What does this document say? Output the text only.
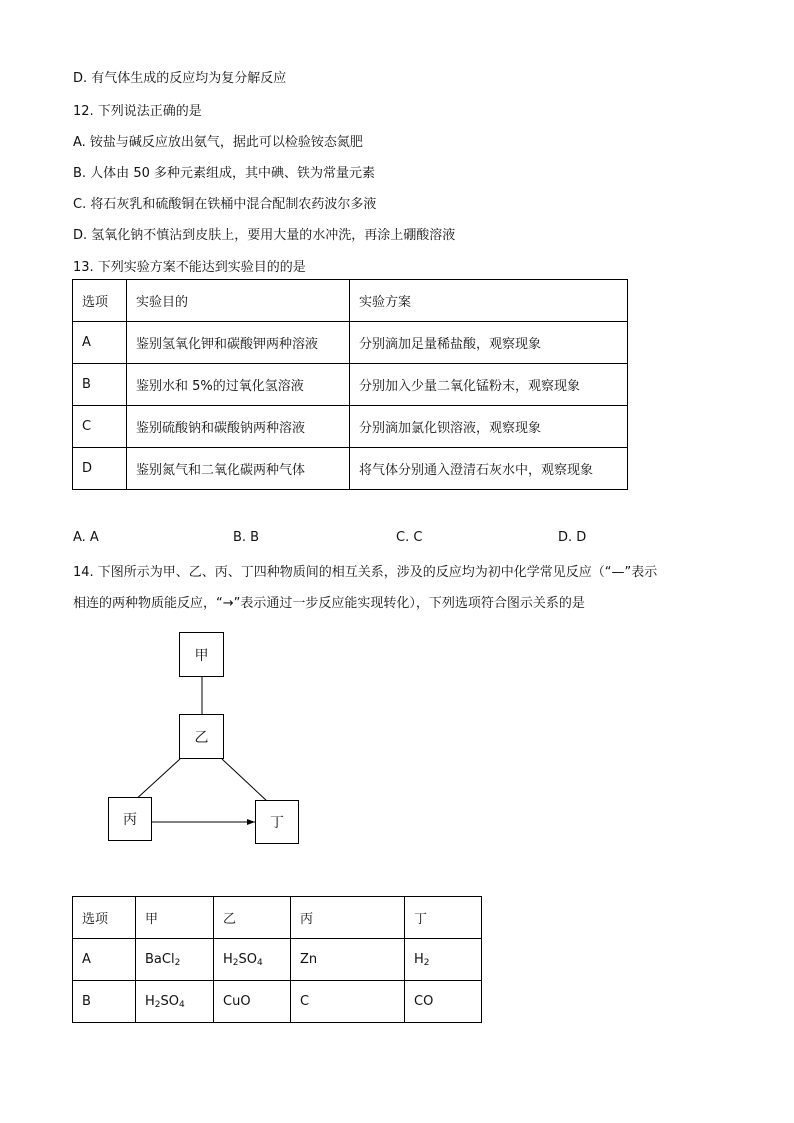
D. 有气体生成的反应均为复分解反应
12. 下列说法正确的是
A. 铵盐与碱反应放出氨气，据此可以检验铵态氮肥
B. 人体由 50 多种元素组成，其中碘、铁为常量元素
C. 将石灰乳和硫酸铜在铁桶中混合配制农药波尔多液
D. 氢氧化钠不慎沾到皮肤上，要用大量的水冲洗，再涂上硼酸溶液
13. 下列实验方案不能达到实验目的的是
选项	实验目的	实验方案
A	鉴别氢氧化钾和碳酸钾两种溶液	分别滴加足量稀盐酸，观察现象
B	鉴别水和 5%的过氧化氢溶液	分别加入少量二氧化锰粉末，观察现象
C	鉴别硫酸钠和碳酸钠两种溶液	分别滴加氯化钡溶液，观察现象
D	鉴别氮气和二氧化碳两种气体	将气体分别通入澄清石灰水中，观察现象
A. A	B. B	C. C	D. D
14. 下图所示为甲、乙、丙、丁四种物质间的相互关系，涉及的反应均为初中化学常见反应（“—”表示
相连的两种物质能反应，“→”表示通过一步反应能实现转化），下列选项符合图示关系的是
甲
乙
丙	丁
选项	甲	乙	丙	丁
A	BaCl$_2$	$H_2SO_4$	Zn	$H_2$
B	$H_2SO_4$	CuO	C	CO
